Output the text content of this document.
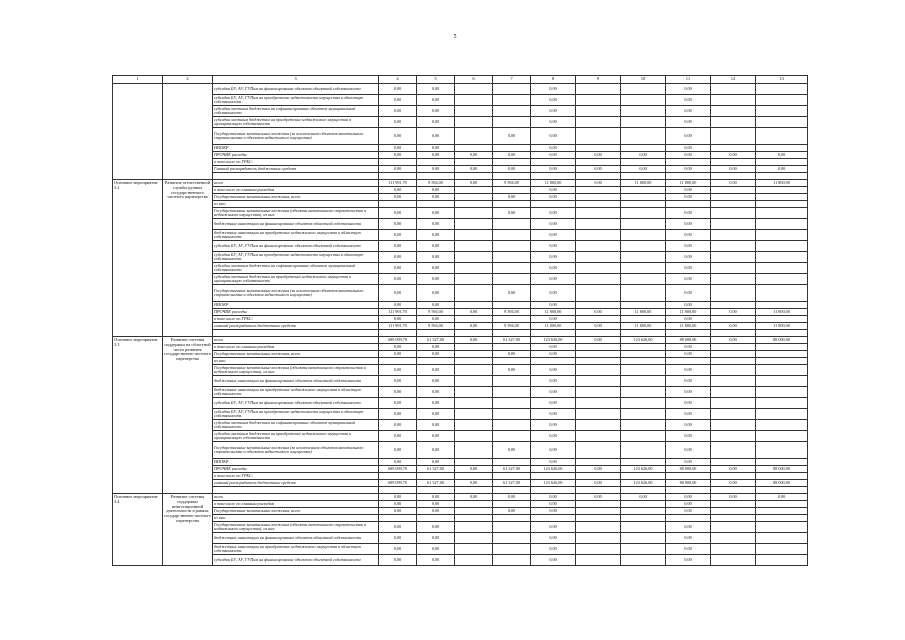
5
1	2	3	4	5	6	7	8	9	10	11	12	13
		субсидии БУ, АУ, ГУПам на финансирование объектов объектной собственности	0,00	0,00			0,00			0,00		
		субсидии БУ, АУ, ГУПам на приобретение недвижимости имущества в областную собственность	0,00	0,00			0,00			0,00		
		субсидии местным бюджетам на софинансирование объектов муниципальной собственности	0,00	0,00			0,00			0,00		
		субсидии местным бюджетам на приобретение недвижимого имущества в муниципальную собственность	0,00	0,00			0,00			0,00		
		Государственные капитальные вложения (за исключением объектов капитального строительства и объектов недвижимого имущества)	0,00	0,00		0,00	0,00			0,00		
		НИОКР	0,00	0,00			0,00			0,00		
		ПРОЧИЕ расходы	0,00	0,00	0,00	0,00	0,00	0,00	0,00	0,00	0,00	0,00
		в том числе по ГРБС:										
		Главный распорядитель бюджетных средств	0,00	0,00	0,00	0,00	0,00	0,00	0,00	0,00	0,00	0,00

Основное мероприятие 3.2	Развитие отечественной службы ручных государственного частного партнерства	всего	111 991,70	9 594,00	0,00	9 594,00	11 800,00	0,00	11 800,00	11 800,00	0,00	11 800,00
		в том числе по главным расходам	0,00	0,00			0,00			0,00		
		Государственные капитальные вложения, всего	0,00	0,00		0,00	0,00			0,00		
		из них:										
		Государственные капитальные вложения (объекты капитального строительства и недвижимого имущества), из них:	0,00	0,00		0,00	0,00			0,00		
		бюджетные инвестиции на финансирование объектов областной собственности	0,00	0,00			0,00			0,00		
		бюджетные инвестиции на приобретение недвижимого имущества в областную собственность	0,00	0,00			0,00			0,00		
		субсидии БУ, АУ, ГУПам на финансирование объектов объектной собственности	0,00	0,00			0,00			0,00		
		субсидии БУ, АУ, ГУПам на приобретение недвижимости имущества в областную собственность	0,00	0,00			0,00			0,00		
		субсидии местным бюджетам на софинансирование объектов муниципальной собственности	0,00	0,00			0,00			0,00		
		субсидии местным бюджетам на приобретение недвижимого имущества в муниципальную собственность	0,00	0,00			0,00			0,00		
		Государственные капитальные вложения (за исключением объектов капитального строительства и объектов недвижимого имущества)	0,00	0,00		0,00	0,00			0,00		
		НИОКР	0,00	0,00			0,00			0,00		
		ПРОЧИЕ расходы	111 991,70	9 594,00	0,00	9 594,00	11 800,00	0,00	11 800,00	11 800,00	0,00	11 800,00
		в том числе по ГРБС:	0,00	0,00			0,00			0,00		
		главный распорядитель бюджетных средств	111 991,70	9 594,00	0,00	9 594,00	11 800,00	0,00	11 800,00	11 800,00	0,00	11 800,00

Основное мероприятие 3.3	Развитие системы поддержки на областной части развития государственно-частного партнерства	всего	689 099,70	61 327,00	0,00	61 327,00	123 626,00	0,00	123 626,00	88 000,00	0,00	88 000,00
		в том числе по главным расходам	0,00	0,00			0,00			0,00		
		Государственные капитальные вложения, всего	0,00	0,00		0,00	0,00			0,00		
		из них:										
		Государственные капитальные вложения (объекты капитального строительства и недвижимого имущества), из них:	0,00	0,00		0,00	0,00			0,00		
		бюджетные инвестиции на финансирование объектов областной собственности	0,00	0,00			0,00			0,00		
		бюджетные инвестиции на приобретение недвижимого имущества в областную собственность	0,00	0,00			0,00			0,00		
		субсидии БУ, АУ, ГУПам на финансирование объектов объектной собственности	0,00	0,00			0,00			0,00		
		субсидии БУ, АУ, ГУПам на приобретение недвижимости имущества в областную собственность	0,00	0,00			0,00			0,00		
		субсидии местным бюджетам на софинансирование объектов муниципальной собственности	0,00	0,00			0,00			0,00		
		субсидии местным бюджетам на приобретение недвижимого имущества в муниципальную собственность	0,00	0,00			0,00			0,00		
		Государственные капитальные вложения (за исключением объектов капитального строительства и объектов недвижимого имущества)	0,00	0,00		0,00	0,00			0,00		
		НИОКР	0,00	0,00			0,00			0,00		
		ПРОЧИЕ расходы	689 099,70	61 327,00	0,00	61 327,00	123 626,00	0,00	123 626,00	88 000,00	0,00	88 000,00
		в том числе по ГРБС:										
		главный распорядитель бюджетных средств	689 099,70	61 327,00	0,00	61 327,00	123 626,00	0,00	123 626,00	88 000,00	0,00	88 000,00

Основное мероприятие 3.4	Развитие системы поддержки инвестиционной деятельности в рамках государственно-частного партнерства	всего	0,00	0,00	0,00	0,00	0,00	0,00	0,00	0,00	0,00	0,00
		в том числе по главным расходам	0,00	0,00			0,00			0,00		
		Государственные капитальные вложения, всего	0,00	0,00		0,00	0,00			0,00		
		из них:										
		Государственные капитальные вложения (объекты капитального строительства и недвижимого имущества), из них:	0,00	0,00			0,00			0,00		
		бюджетные инвестиции на финансирование объектов областной собственности	0,00	0,00			0,00			0,00		
		бюджетные инвестиции на приобретение недвижимого имущества в областную собственность	0,00	0,00			0,00			0,00		
		субсидии БУ, АУ, ГУПам на финансирование объектов объектной собственности	0,00	0,00			0,00			0,00		
